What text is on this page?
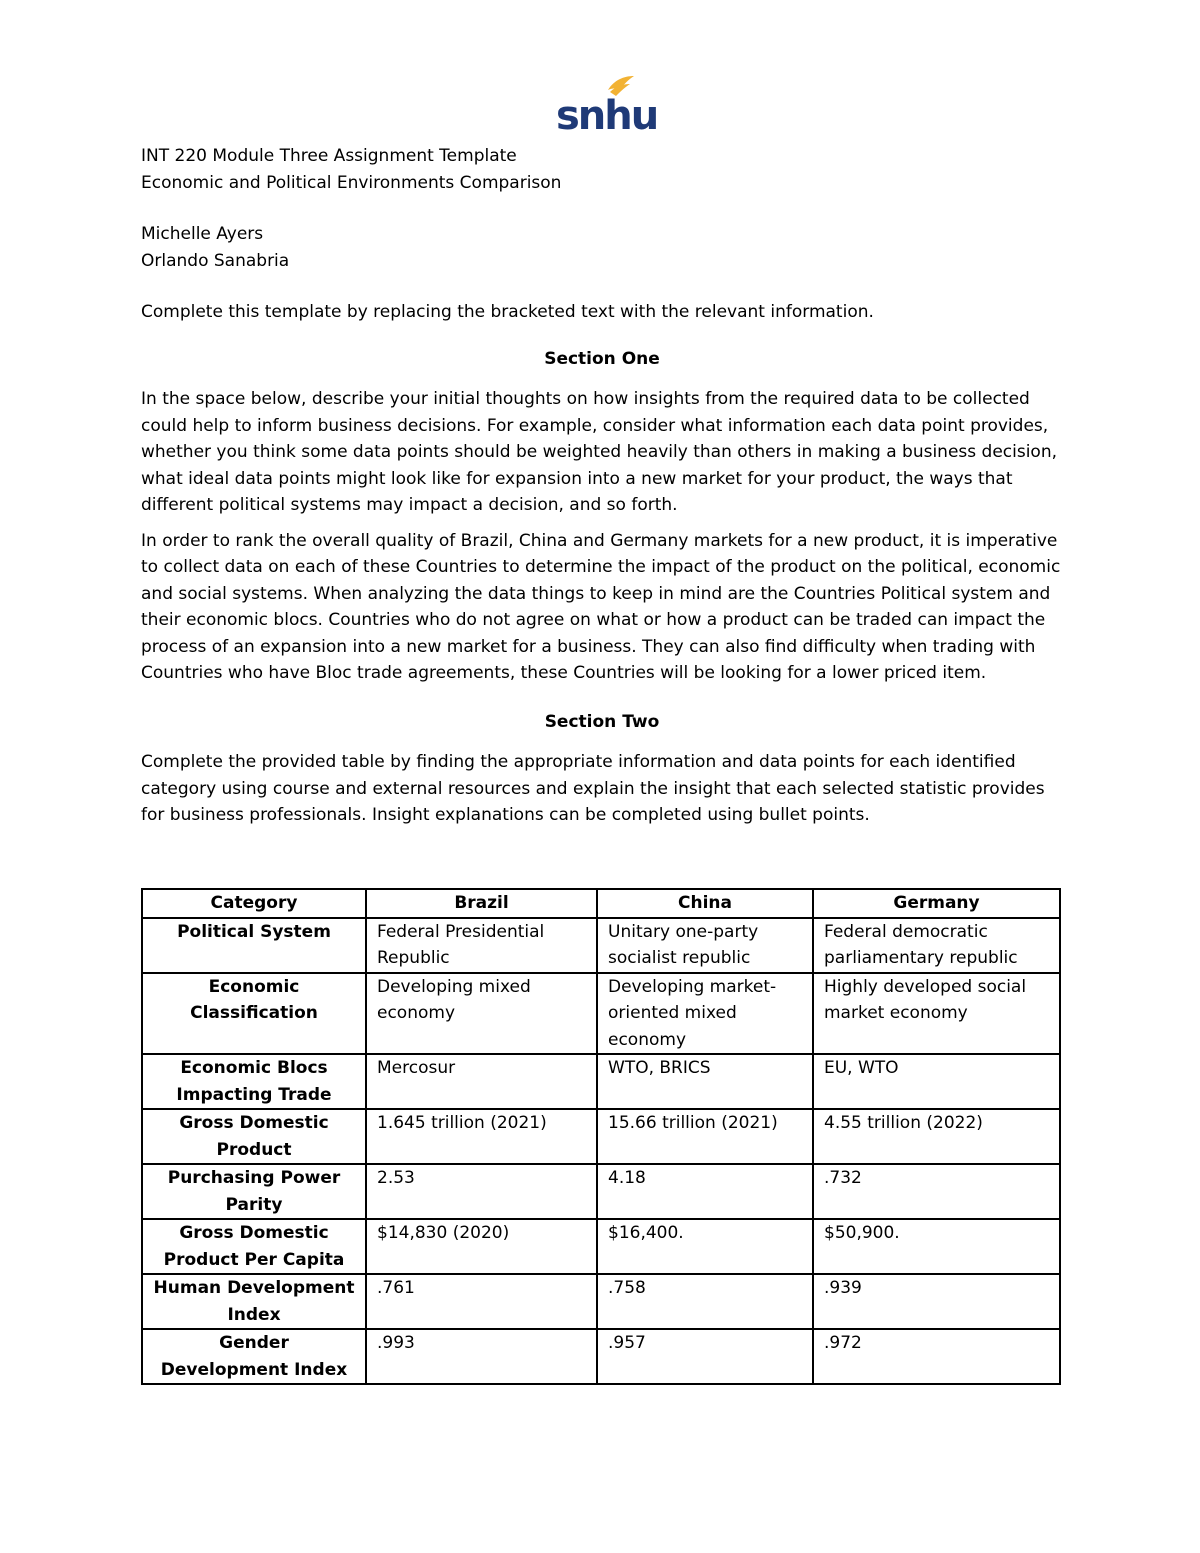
snhu

INT 220 Module Three Assignment Template

Economic and Political Environments Comparison

Michelle Ayers

Orlando Sanabria

Complete this template by replacing the bracketed text with the relevant information.

Section One

In the space below, describe your initial thoughts on how insights from the required data to be collected could help to inform business decisions. For example, consider what information each data point provides, whether you think some data points should be weighted heavily than others in making a business decision, what ideal data points might look like for expansion into a new market for your product, the ways that different political systems may impact a decision, and so forth.

In order to rank the overall quality of Brazil, China and Germany markets for a new product, it is imperative to collect data on each of these Countries to determine the impact of the product on the political, economic and social systems. When analyzing the data things to keep in mind are the Countries Political system and their economic blocs. Countries who do not agree on what or how a product can be traded can impact the process of an expansion into a new market for a business. They can also find difficulty when trading with Countries who have Bloc trade agreements, these Countries will be looking for a lower priced item.

Section Two

Complete the provided table by finding the appropriate information and data points for each identified category using course and external resources and explain the insight that each selected statistic provides for business professionals. Insight explanations can be completed using bullet points.

Category	Brazil	China	Germany
Political System	Federal Presidential Republic	Unitary one-party socialist republic	Federal democratic parliamentary republic
Economic Classification	Developing mixed economy	Developing market-oriented mixed economy	Highly developed social market economy
Economic Blocs Impacting Trade	Mercosur	WTO, BRICS	EU, WTO
Gross Domestic Product	1.645 trillion (2021)	15.66 trillion (2021)	4.55 trillion (2022)
Purchasing Power Parity	2.53	4.18	.732
Gross Domestic Product Per Capita	$14,830 (2020)	$16,400.	$50,900.
Human Development Index	.761	.758	.939
Gender Development Index	.993	.957	.972
